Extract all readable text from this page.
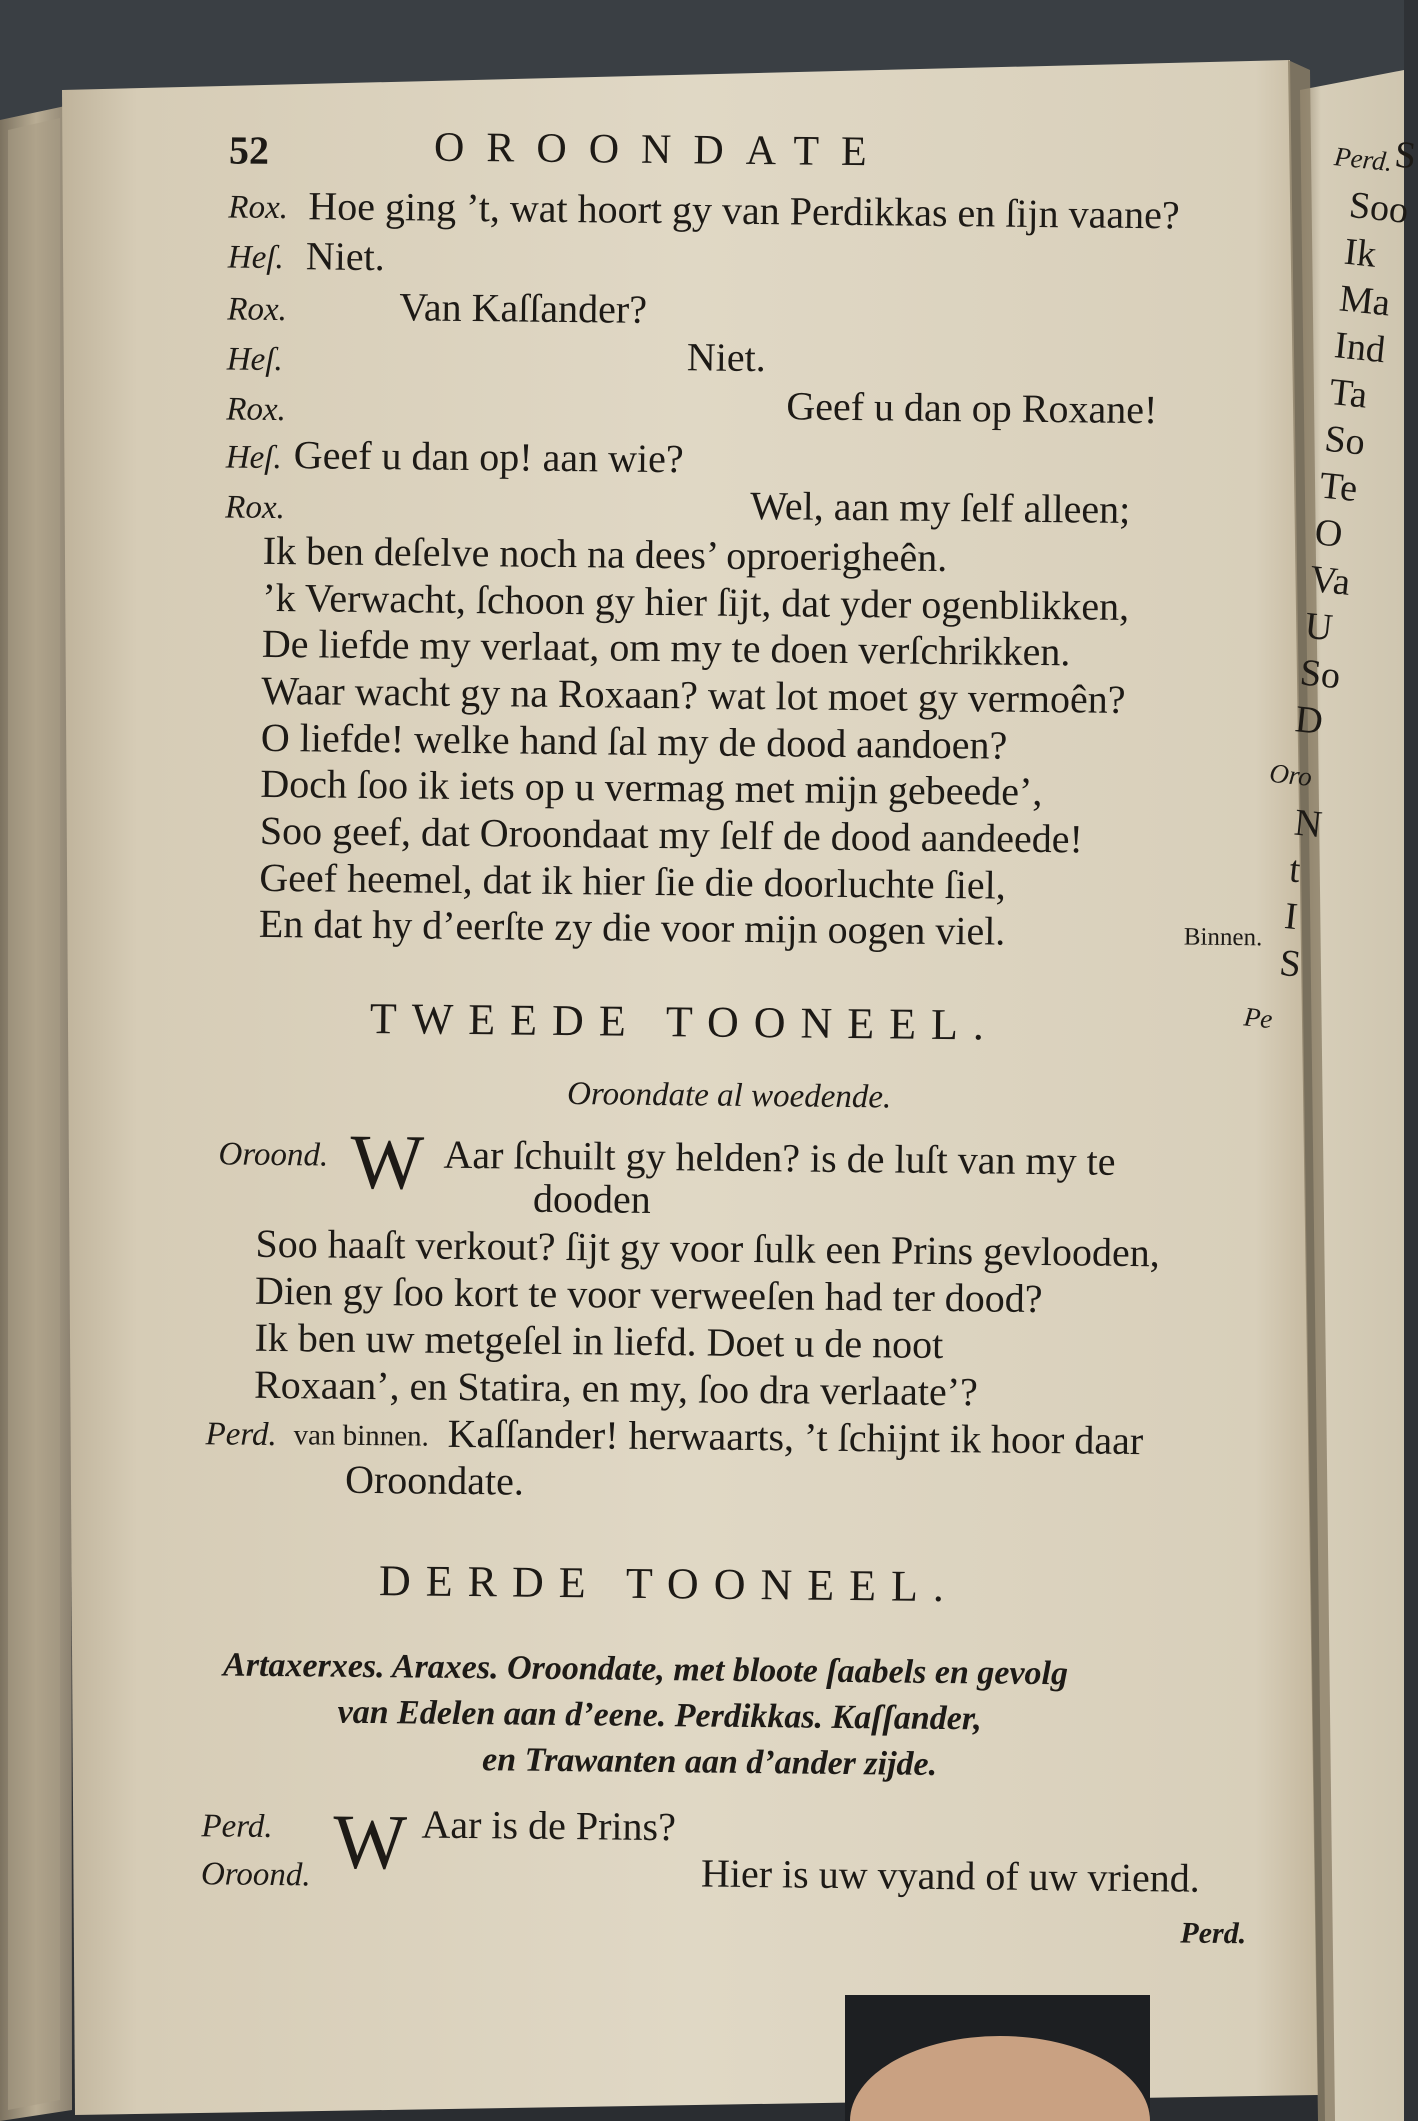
52	OROONDATE
Rox. Hoe ging ’t, wat hoort gy van Perdikkas en ſijn vaane?
Heſ. Niet.
Rox.	Van Kaſſander?
Heſ.	Niet.
Rox.	Geef u dan op Roxane!
Heſ. Geef u dan op! aan wie?
Rox.	Wel, aan my ſelf alleen;
Ik ben deſelve noch na dees’ oproerigheên.
’k Verwacht, ſchoon gy hier ſijt, dat yder ogenblikken,
De liefde my verlaat, om my te doen verſchrikken.
Waar wacht gy na Roxaan? wat lot moet gy vermoên?
O liefde! welke hand ſal my de dood aandoen?
Doch ſoo ik iets op u vermag met mijn gebeede’,
Soo geef, dat Oroondaat my ſelf de dood aandeede!
Geef heemel, dat ik hier ſie die doorluchte ſiel,
En dat hy d’eerſte zy die voor mijn oogen viel.	Binnen.
TWEEDE TOONEEL.
Oroondate al woedende.
Oroond. W Aar ſchuilt gy helden? is de luſt van my te
dooden
Soo haaſt verkout? ſijt gy voor ſulk een Prins gevlooden,
Dien gy ſoo kort te voor verweeſen had ter dood?
Ik ben uw metgeſel in liefd. Doet u de noot
Roxaan’, en Statira, en my, ſoo dra verlaate’?
Perd. van binnen. Kaſſander! herwaarts, ’t ſchijnt ik hoor daar
Oroondate.
DERDE TOONEEL.
Artaxerxes. Araxes. Oroondate, met bloote ſaabels en gevolg
van Edelen aan d’eene. Perdikkas. Kaſſander,
en Trawanten aan d’ander zijde.
Perd. W Aar is de Prins?
Oroond.	Hier is uw vyand of uw vriend.
Perd.
Perd.
S
Soo
Ik
Ma
Ind
Ta
So
Te
O
Va
U
So
D
Oro
N
t
I
S
Pe
